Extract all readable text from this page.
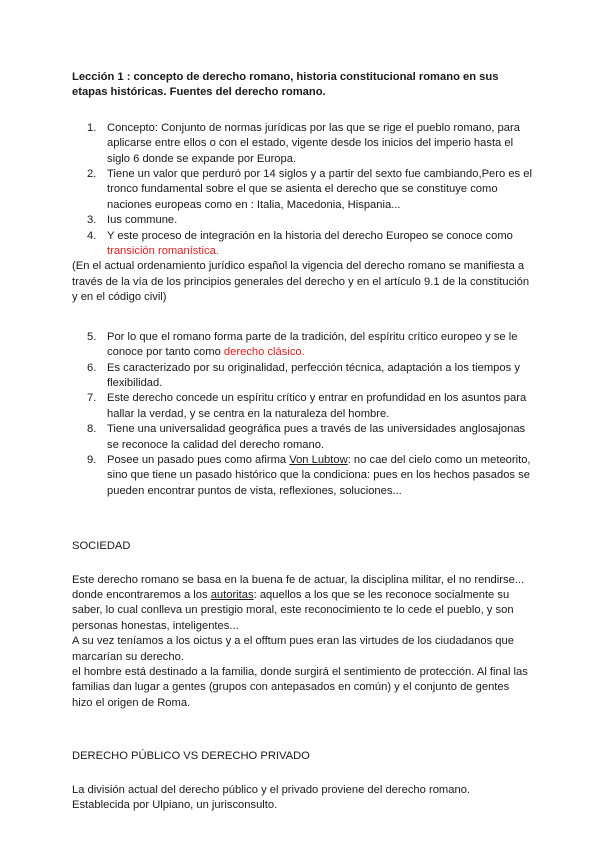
Lección 1 : concepto de derecho romano, historia constitucional romano en sus etapas históricas. Fuentes del derecho romano.

1. Concepto: Conjunto de normas jurídicas por las que se rige el pueblo romano, para aplicarse entre ellos o con el estado, vigente desde los inicios del imperio hasta el siglo 6 donde se expande por Europa.
2. Tiene un valor que perduró por 14 siglos y a partir del sexto fue cambiando,Pero es el tronco fundamental sobre el que se asienta el derecho que se constituye como naciones europeas como en : Italia, Macedonia, Hispania...
3. Ius commune.
4. Y este proceso de integración en la historia del derecho Europeo se conoce como transición romanística.

(En el actual ordenamiento jurídico español la vigencia del derecho romano se manifiesta a través de la vía de los principios generales del derecho y en el artículo 9.1 de la constitución y en el código civil)

5. Por lo que el romano forma parte de la tradición, del espíritu crítico europeo y se le conoce por tanto como derecho clásico.
6. Es caracterizado por su originalidad, perfección técnica, adaptación a los tiempos y flexibilidad.
7. Este derecho concede un espíritu crítico y entrar en profundidad en los asuntos para hallar la verdad, y se centra en la naturaleza del hombre.
8. Tiene una universalidad geográfica pues a través de las universidades anglosajonas se reconoce la calidad del derecho romano.
9. Posee un pasado pues como afirma Von Lubtow: no cae del cielo como un meteorito, sino que tiene un pasado histórico que la condiciona: pues en los hechos pasados se pueden encontrar puntos de vista, reflexiones, soluciones...

SOCIEDAD

Este derecho romano se basa en la buena fe de actuar, la disciplina militar, el no rendirse... donde encontraremos a los autoritas: aquellos a los que se les reconoce socialmente su saber, lo cual conlleva un prestigio moral, este reconocimiento te lo cede el pueblo, y son personas honestas, inteligentes...

A su vez teníamos a los oictus y a el offtum pues eran las virtudes de los ciudadanos que marcarían su derecho.

el hombre está destinado a la familia, donde surgirá el sentimiento de protección. Al final las familias dan lugar a gentes (grupos con antepasados en común) y el conjunto de gentes hizo el origen de Roma.

DERECHO PÚBLICO VS DERECHO PRIVADO

La división actual del derecho público y el privado proviene del derecho romano.

Establecida por Ulpiano, un jurisconsulto.
